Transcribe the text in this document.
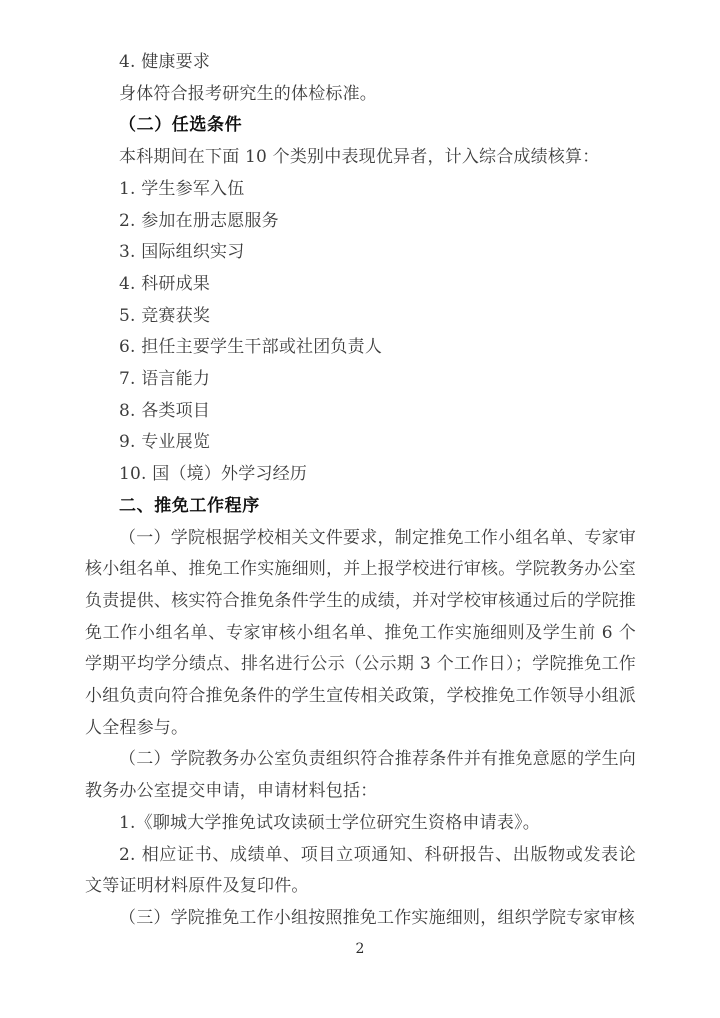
4. 健康要求

身体符合报考研究生的体检标准。

（二）任选条件

本科期间在下面 10 个类别中表现优异者，计入综合成绩核算：

1. 学生参军入伍

2. 参加在册志愿服务

3. 国际组织实习

4. 科研成果

5. 竞赛获奖

6. 担任主要学生干部或社团负责人

7. 语言能力

8. 各类项目

9. 专业展览

10. 国（境）外学习经历

二、推免工作程序

（一）学院根据学校相关文件要求，制定推免工作小组名单、专家审核小组名单、推免工作实施细则，并上报学校进行审核。学院教务办公室负责提供、核实符合推免条件学生的成绩，并对学校审核通过后的学院推免工作小组名单、专家审核小组名单、推免工作实施细则及学生前 6 个学期平均学分绩点、排名进行公示（公示期 3 个工作日）；学院推免工作小组负责向符合推免条件的学生宣传相关政策，学校推免工作领导小组派人全程参与。

（二）学院教务办公室负责组织符合推荐条件并有推免意愿的学生向教务办公室提交申请，申请材料包括：

1.《聊城大学推免试攻读硕士学位研究生资格申请表》。

2. 相应证书、成绩单、项目立项通知、科研报告、出版物或发表论文等证明材料原件及复印件。

（三）学院推免工作小组按照推免工作实施细则，组织学院专家审核

2
